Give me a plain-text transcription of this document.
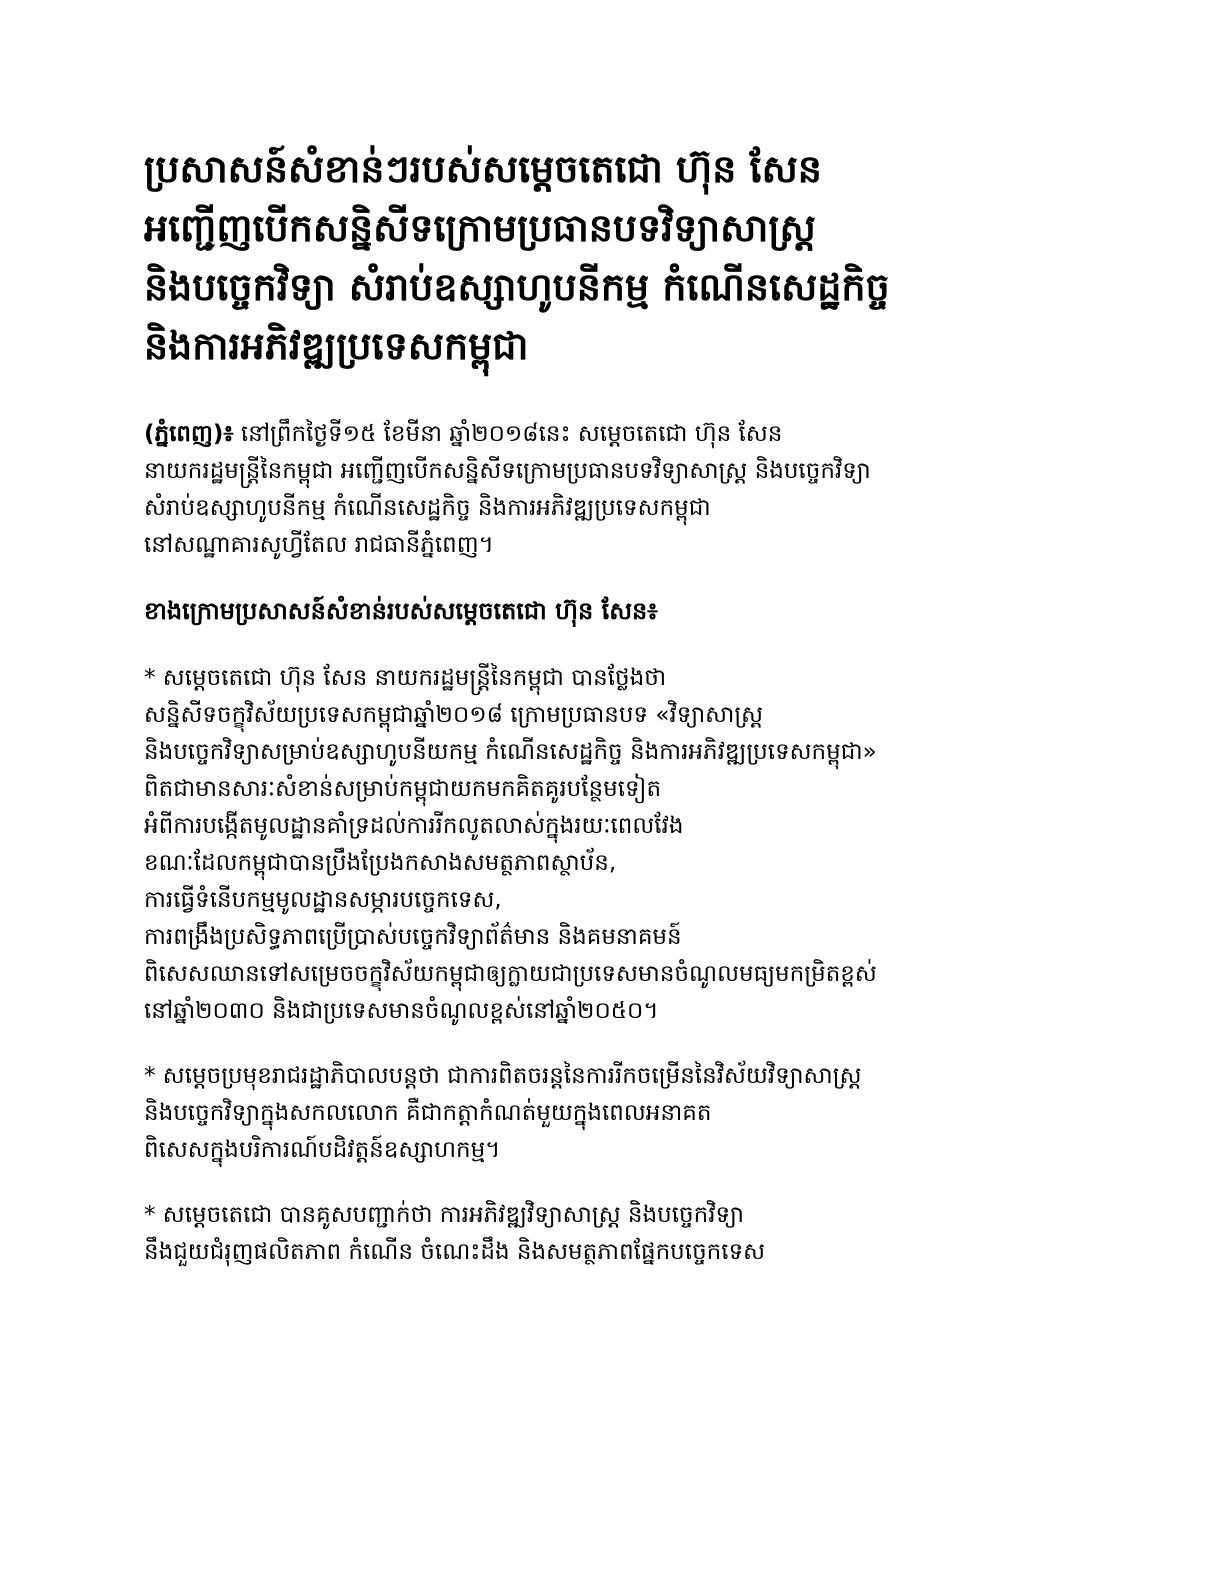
ប្រសាសន៍សំខាន់ៗរបស់សម្តេចតេជោ ហ៊ុន សែន
អញ្ជើញបើកសន្និសីទក្រោមប្រធានបទវិទ្យាសាស្ត្រ
និងបច្ចេកវិទ្យា សំរាប់ឧស្សាហូបនីកម្ម កំណើនសេដ្ឋកិច្ច
និងការអភិវឌ្ឍប្រទេសកម្ពុជា

(ភ្នំពេញ)៖ នៅព្រឹកថ្ងៃទី១៥ ខែមីនា ឆ្នាំ២០១៨នេះ សម្តេចតេជោ ហ៊ុន សែន
នាយករដ្ឋមន្ត្រីនៃកម្ពុជា អញ្ជើញបើកសន្និសីទក្រោមប្រធានបទវិទ្យាសាស្ត្រ និងបច្ចេកវិទ្យា
សំរាប់ឧស្សាហូបនីកម្ម កំណើនសេដ្ឋកិច្ច និងការអភិវឌ្ឍប្រទេសកម្ពុជា
នៅសណ្ឋាគារសូហ្វីតែល រាជធានីភ្នំពេញ។

ខាងក្រោមប្រសាសន៍សំខាន់របស់សម្តេចតេជោ ហ៊ុន សែន៖

* សម្តេចតេជោ ហ៊ុន សែន នាយករដ្ឋមន្ត្រីនៃកម្ពុជា បានថ្លែងថា
សន្និសីទចក្ខុវិស័យប្រទេសកម្ពុជាឆ្នាំ២០១៨ ក្រោមប្រធានបទ «វិទ្យាសាស្ត្រ
និងបច្ចេកវិទ្យាសម្រាប់ឧស្សាហូបនីយកម្ម កំណើនសេដ្ឋកិច្ច និងការអភិវឌ្ឍប្រទេសកម្ពុជា»
ពិតជាមានសារៈសំខាន់សម្រាប់កម្ពុជាយកមកគិតគូរបន្ថែមទៀត
អំពីការបង្កើតមូលដ្ឋានគាំទ្រដល់ការរីកលូតលាស់ក្នុងរយៈពេលវែង
ខណៈដែលកម្ពុជាបានប្រឹងប្រែងកសាងសមត្ថភាពស្ថាប័ន,
ការធ្វើទំនើបកម្មមូលដ្ឋានសម្ភារបច្ចេកទេស,
ការពង្រឹងប្រសិទ្ធភាពប្រើប្រាស់បច្ចេកវិទ្យាព័ត៌មាន និងគមនាគមន៍
ពិសេសឈានទៅសម្រេចចក្ខុវិស័យកម្ពុជាឲ្យក្លាយជាប្រទេសមានចំណូលមធ្យមកម្រិតខ្ពស់
នៅឆ្នាំ២០៣០ និងជាប្រទេសមានចំណូលខ្ពស់នៅឆ្នាំ២០៥០។

* សម្តេចប្រមុខរាជរដ្ឋាភិបាលបន្តថា ជាការពិតចរន្តនៃការរីកចម្រើននៃវិស័យវិទ្យាសាស្ត្រ
និងបច្ចេកវិទ្យាក្នុងសកលលោក គឺជាកត្តាកំណត់មួយក្នុងពេលអនាគត
ពិសេសក្នុងបរិការណ៍បដិវត្តន៍ឧស្សាហកម្ម។

* សម្តេចតេជោ បានគូសបញ្ជាក់ថា ការអភិវឌ្ឍវិទ្យាសាស្ត្រ និងបច្ចេកវិទ្យា
នឹងជួយជំរុញផលិតភាព កំណើន ចំណេះដឹង និងសមត្ថភាពផ្នែកបច្ចេកទេស
